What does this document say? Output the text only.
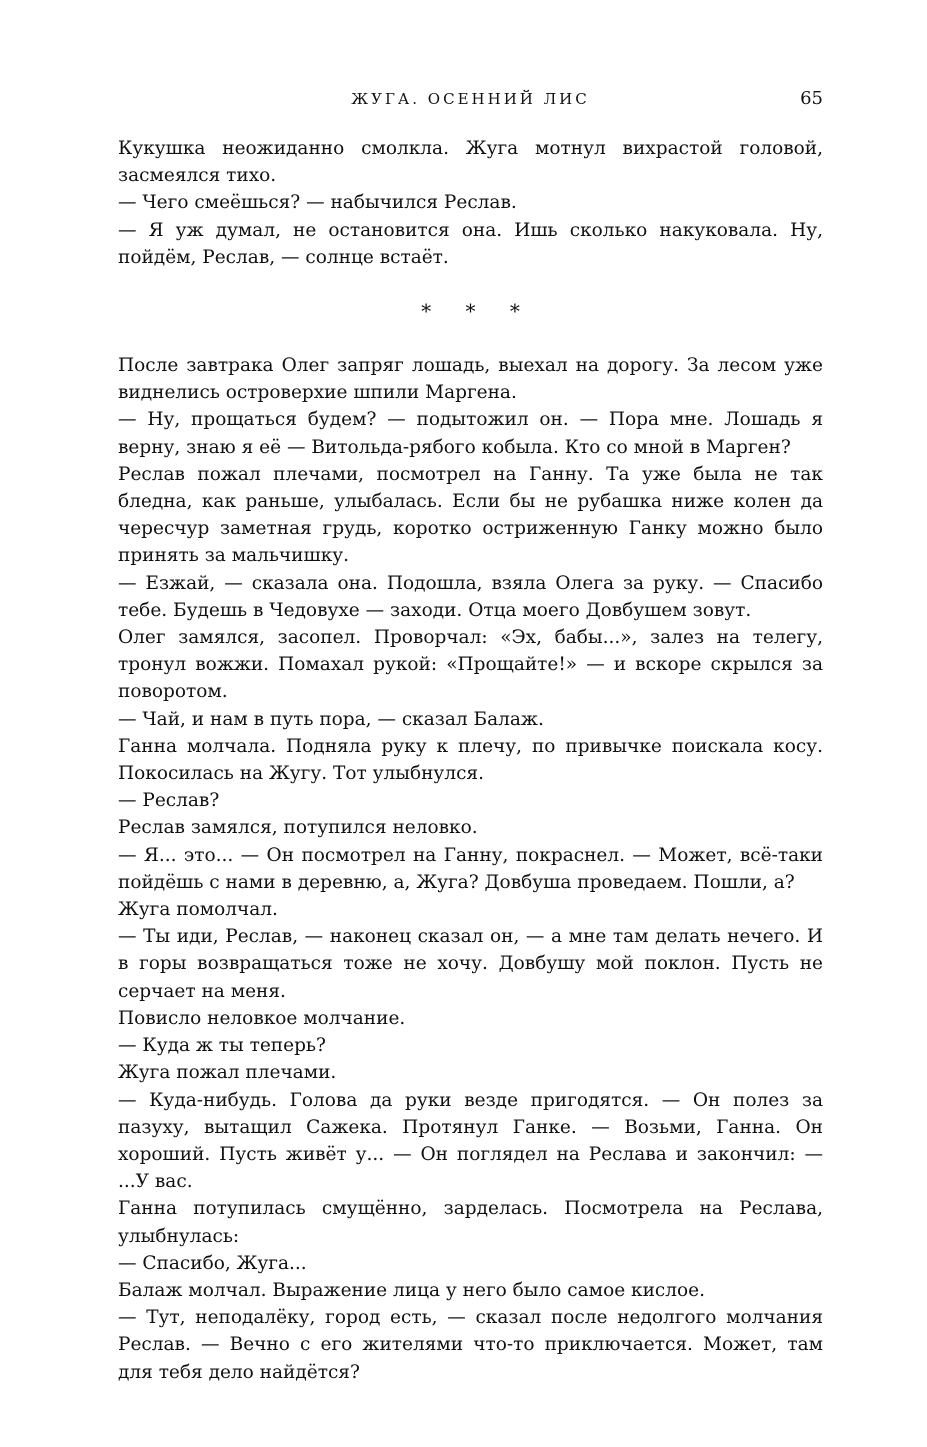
ЖУГА. ОСЕННИЙ ЛИС	65

Кукушка неожиданно смолкла. Жуга мотнул вихрастой головой, засмеялся тихо.

— Чего смеёшься? — набычился Реслав.

— Я уж думал, не остановится она. Ишь сколько накуковала. Ну, пойдём, Реслав, — солнце встаёт.

* * *

После завтрака Олег запряг лошадь, выехал на дорогу. За лесом уже виднелись островерхие шпили Маргена.

— Ну, прощаться будем? — подытожил он. — Пора мне. Лошадь я верну, знаю я её — Витольда-рябого кобыла. Кто со мной в Марген?

Реслав пожал плечами, посмотрел на Ганну. Та уже была не так бледна, как раньше, улыбалась. Если бы не рубашка ниже колен да чересчур заметная грудь, коротко остриженную Ганку можно было принять за мальчишку.

— Езжай, — сказала она. Подошла, взяла Олега за руку. — Спасибо тебе. Будешь в Чедовухе — заходи. Отца моего Довбушем зовут.

Олег замялся, засопел. Проворчал: «Эх, бабы...», залез на телегу, тронул вожжи. Помахал рукой: «Прощайте!» — и вскоре скрылся за поворотом.

— Чай, и нам в путь пора, — сказал Балаж.

Ганна молчала. Подняла руку к плечу, по привычке поискала косу. Покосилась на Жугу. Тот улыбнулся.

— Реслав?

Реслав замялся, потупился неловко.

— Я... это... — Он посмотрел на Ганну, покраснел. — Может, всё-таки пойдёшь с нами в деревню, а, Жуга? Довбуша проведаем. Пошли, а?

Жуга помолчал.

— Ты иди, Реслав, — наконец сказал он, — а мне там делать нечего. И в горы возвращаться тоже не хочу. Довбушу мой поклон. Пусть не серчает на меня.

Повисло неловкое молчание.

— Куда ж ты теперь?

Жуга пожал плечами.

— Куда-нибудь. Голова да руки везде пригодятся. — Он полез за пазуху, вытащил Сажека. Протянул Ганке. — Возьми, Ганна. Он хороший. Пусть живёт у... — Он поглядел на Реслава и закончил: — ...У вас.

Ганна потупилась смущённо, зарделась. Посмотрела на Реслава, улыбнулась:

— Спасибо, Жуга...

Балаж молчал. Выражение лица у него было самое кислое.

— Тут, неподалёку, город есть, — сказал после недолгого молчания Реслав. — Вечно с его жителями что-то приключается. Может, там для тебя дело найдётся?
